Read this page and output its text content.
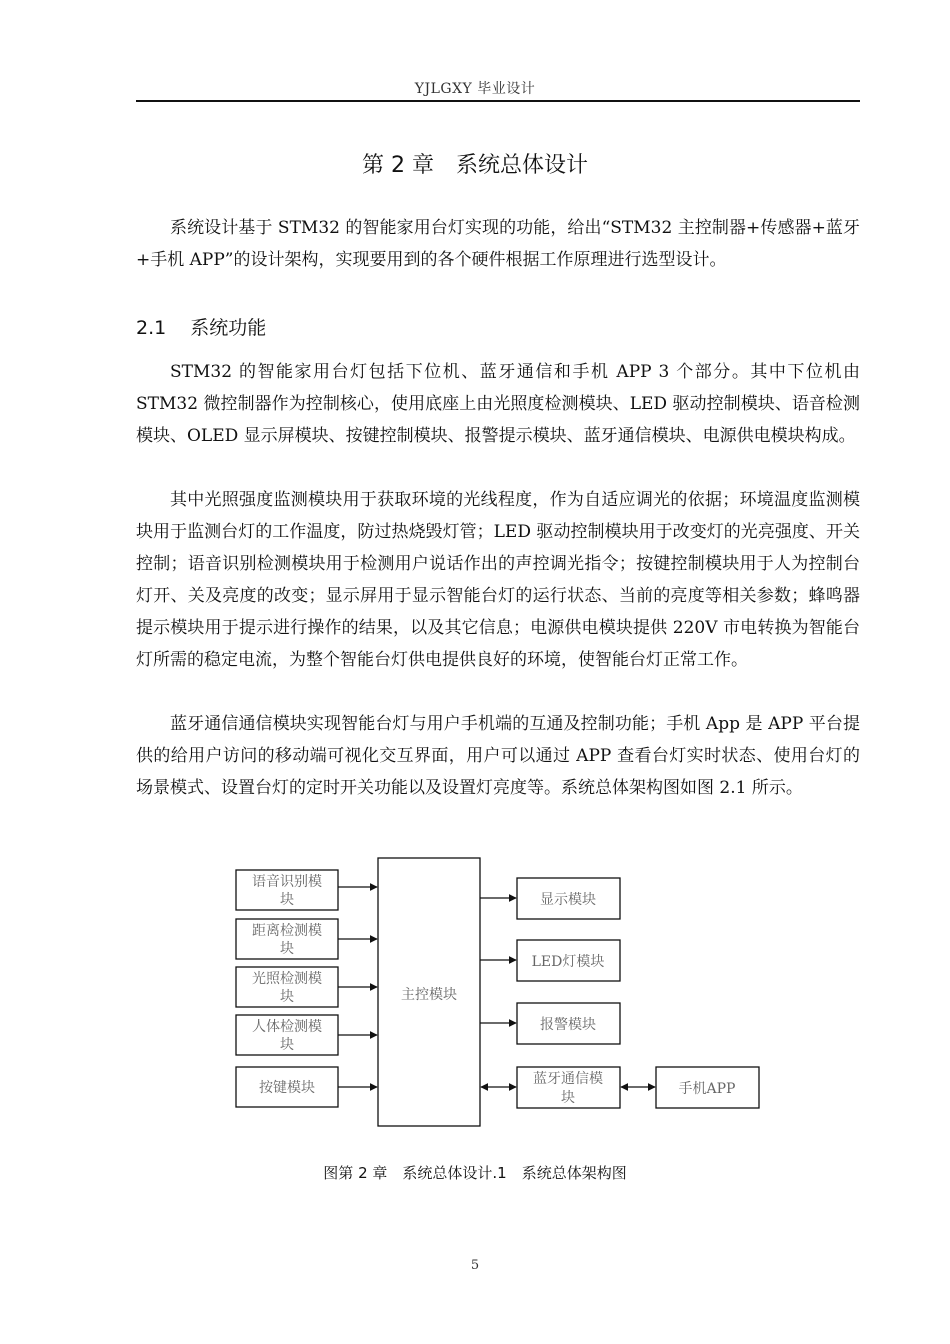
YJLGXY 毕业设计
第 2 章　系统总体设计

系统设计基于 STM32 的智能家用台灯实现的功能，给出“STM32 主控制器+传感器+蓝牙+手机 APP”的设计架构，实现要用到的各个硬件根据工作原理进行选型设计。

2.1 系统功能

STM32 的智能家用台灯包括下位机、蓝牙通信和手机 APP 3 个部分。其中下位机由 STM32 微控制器作为控制核心，使用底座上由光照度检测模块、LED 驱动控制模块、语音检测模块、OLED 显示屏模块、按键控制模块、报警提示模块、蓝牙通信模块、电源供电模块构成。

其中光照强度监测模块用于获取环境的光线程度，作为自适应调光的依据；环境温度监测模块用于监测台灯的工作温度，防过热烧毁灯管；LED 驱动控制模块用于改变灯的光亮强度、开关控制；语音识别检测模块用于检测用户说话作出的声控调光指令；按键控制模块用于人为控制台灯开、关及亮度的改变；显示屏用于显示智能台灯的运行状态、当前的亮度等相关参数；蜂鸣器提示模块用于提示进行操作的结果，以及其它信息；电源供电模块提供 220V 市电转换为智能台灯所需的稳定电流，为整个智能台灯供电提供良好的环境，使智能台灯正常工作。

蓝牙通信通信模块实现智能台灯与用户手机端的互通及控制功能；手机 App 是 APP 平台提供的给用户访问的移动端可视化交互界面，用户可以通过 APP 查看台灯实时状态、使用台灯的场景模式、设置台灯的定时开关功能以及设置灯亮度等。系统总体架构图如图 2.1 所示。

主控模块
语音识别模
块
距离检测模
块
光照检测模
块
人体检测模
块
按键模块
显示模块
LED灯模块
报警模块
蓝牙通信模
块
手机APP
图第 2 章　系统总体设计.1　系统总体架构图
5
